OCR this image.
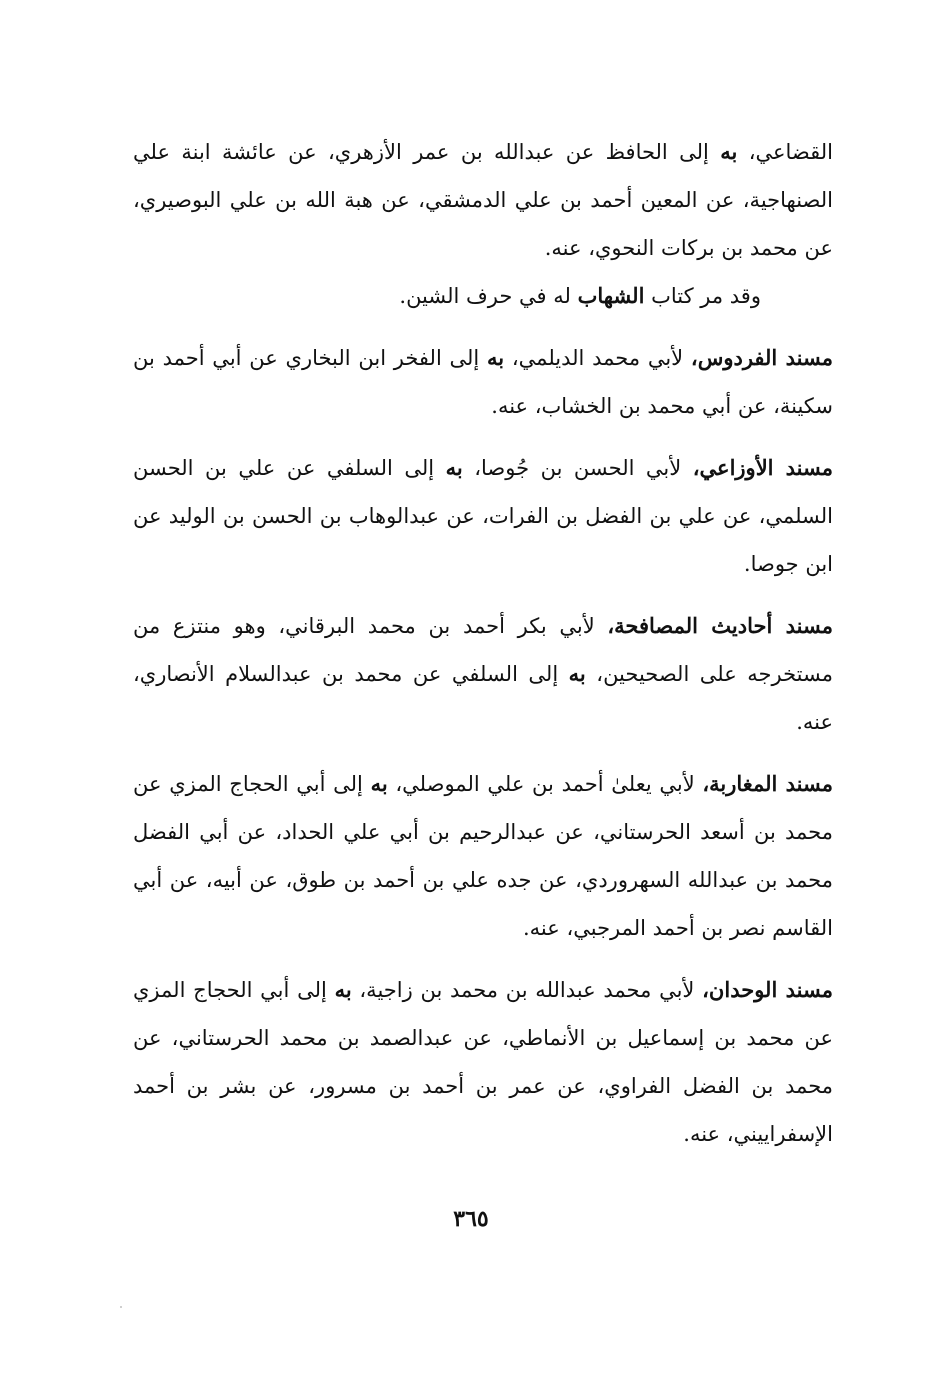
القضاعي، به إلى الحافظ عن عبدالله بن عمر الأزهري، عن عائشة ابنة علي الصنهاجية، عن المعين أحمد بن علي الدمشقي، عن هبة الله بن علي البوصيري، عن محمد بن بركات النحوي، عنه.

وقد مر كتاب الشهاب له في حرف الشين.

مسند الفردوس، لأبي محمد الديلمي، به إلى الفخر ابن البخاري عن أبي أحمد بن سكينة، عن أبي محمد بن الخشاب، عنه.

مسند الأوزاعي، لأبي الحسن بن جُوصا، به إلى السلفي عن علي بن الحسن السلمي، عن علي بن الفضل بن الفرات، عن عبدالوهاب بن الحسن بن الوليد عن ابن جوصا.

مسند أحاديث المصافحة، لأبي بكر أحمد بن محمد البرقاني، وهو منتزع من مستخرجه على الصحيحين، به إلى السلفي عن محمد بن عبدالسلام الأنصاري، عنه.

مسند المغاربة، لأبي يعلىٰ أحمد بن علي الموصلي، به إلى أبي الحجاج المزي عن محمد بن أسعد الحرستاني، عن عبدالرحيم بن أبي علي الحداد، عن أبي الفضل محمد بن عبدالله السهروردي، عن جده علي بن أحمد بن طوق، عن أبيه، عن أبي القاسم نصر بن أحمد المرجبي، عنه.

مسند الوحدان، لأبي محمد عبدالله بن محمد بن زاجية، به إلى أبي الحجاج المزي عن محمد بن إسماعيل بن الأنماطي، عن عبدالصمد بن محمد الحرستاني، عن محمد بن الفضل الفراوي، عن عمر بن أحمد بن مسرور، عن بشر بن أحمد الإسفراييني، عنه.

٣٦٥
